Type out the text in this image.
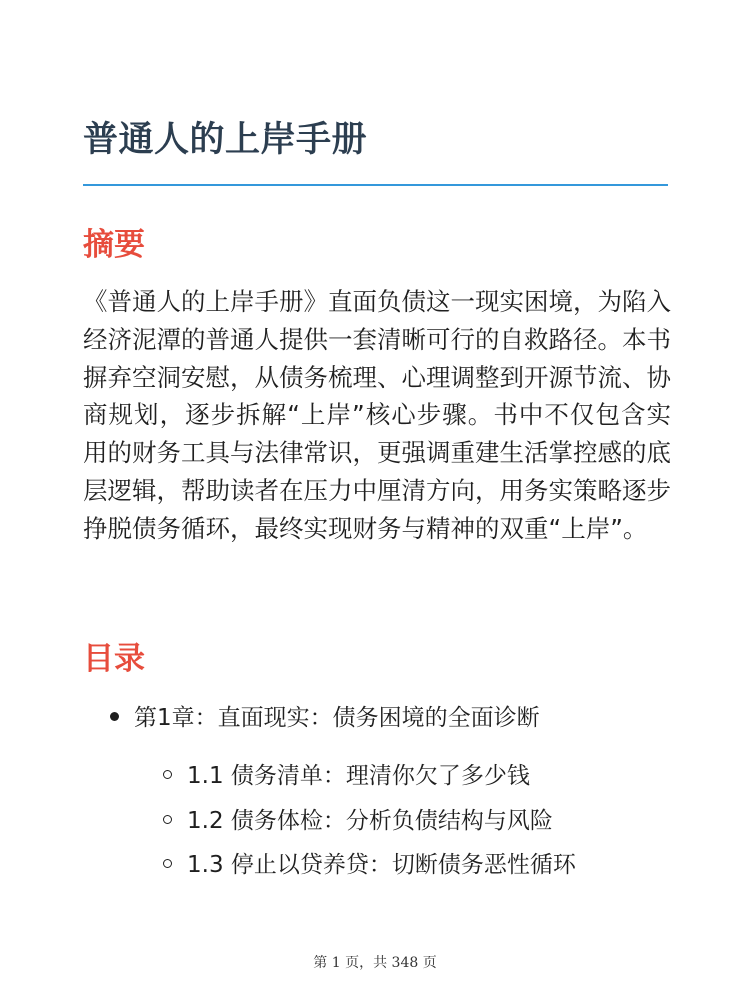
普通人的上岸手册
摘要

《普通人的上岸手册》直面负债这一现实困境，为陷入经济泥潭的普通人提供一套清晰可行的自救路径。本书摒弃空洞安慰，从债务梳理、心理调整到开源节流、协商规划，逐步拆解“上岸”核心步骤。书中不仅包含实用的财务工具与法律常识，更强调重建生活掌控感的底层逻辑，帮助读者在压力中厘清方向，用务实策略逐步挣脱债务循环，最终实现财务与精神的双重“上岸”。

目录
第1章：直面现实：债务困境的全面诊断
1.1 债务清单：理清你欠了多少钱
1.2 债务体检：分析负债结构与风险
1.3 停止以贷养贷：切断债务恶性循环
第 1 页，共 348 页
